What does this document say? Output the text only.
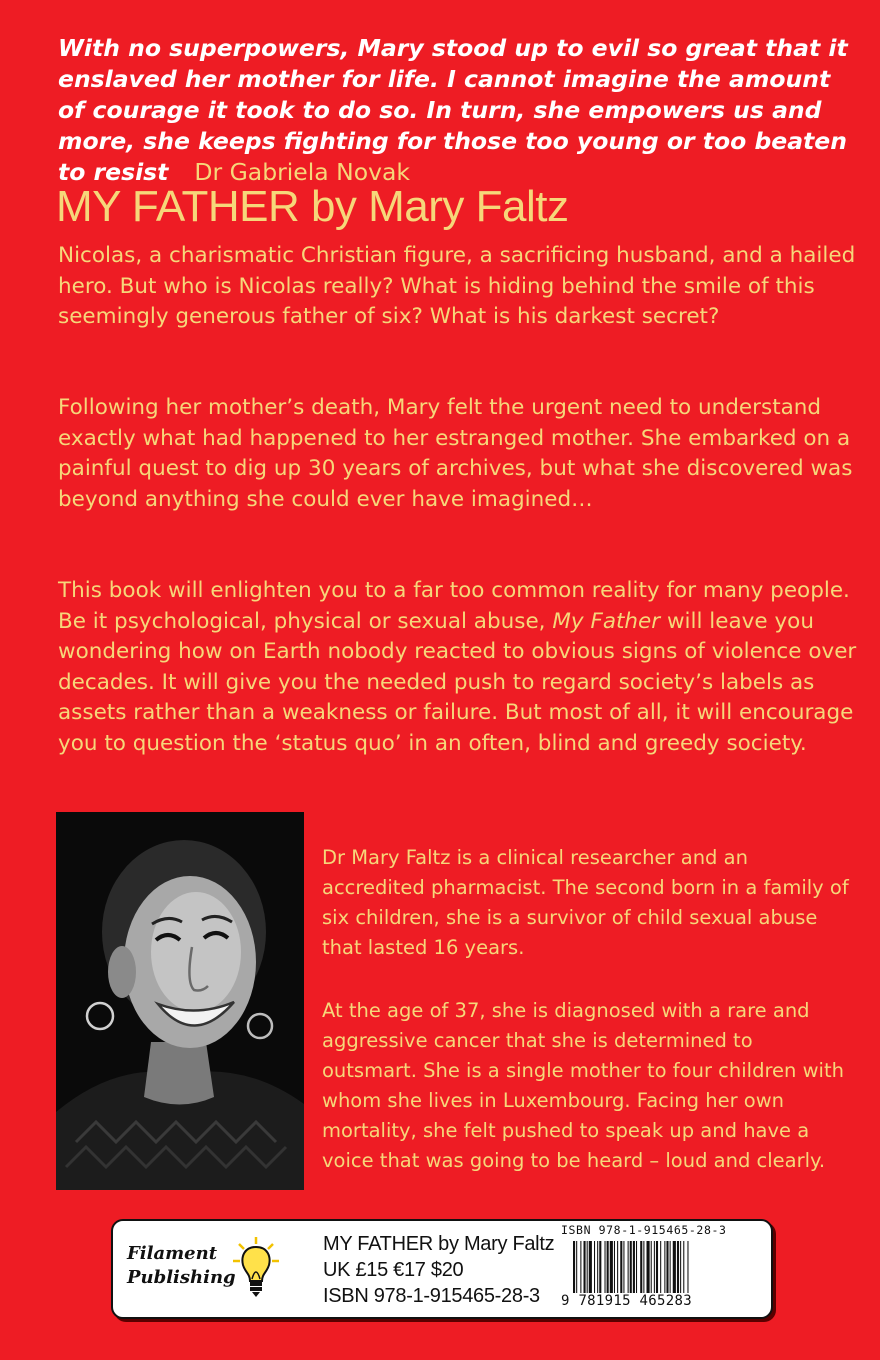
With no superpowers, Mary stood up to evil so great that it enslaved her mother for life. I cannot imagine the amount of courage it took to do so. In turn, she empowers us and more, she keeps fighting for those too young or too beaten to resist Dr Gabriela Novak

MY FATHER by Mary Faltz

Nicolas, a charismatic Christian figure, a sacrificing husband, and a hailed hero. But who is Nicolas really? What is hiding behind the smile of this seemingly generous father of six? What is his darkest secret?

Following her mother’s death, Mary felt the urgent need to understand exactly what had happened to her estranged mother. She embarked on a painful quest to dig up 30 years of archives, but what she discovered was beyond anything she could ever have imagined…

This book will enlighten you to a far too common reality for many people. Be it psychological, physical or sexual abuse, My Father will leave you wondering how on Earth nobody reacted to obvious signs of violence over decades. It will give you the needed push to regard society’s labels as assets rather than a weakness or failure. But most of all, it will encourage you to question the ‘status quo’ in an often, blind and greedy society.

Dr Mary Faltz is a clinical researcher and an accredited pharmacist. The second born in a family of six children, she is a survivor of child sexual abuse that lasted 16 years.

At the age of 37, she is diagnosed with a rare and aggressive cancer that she is determined to outsmart. She is a single mother to four children with whom she lives in Luxembourg. Facing her own mortality, she felt pushed to speak up and have a voice that was going to be heard – loud and clearly.

Filament
Publishing
MY FATHER by Mary Faltz
UK £15 €17 $20
ISBN 978-1-915465-28-3
ISBN 978-1-915465-28-3
9 781915 465283
